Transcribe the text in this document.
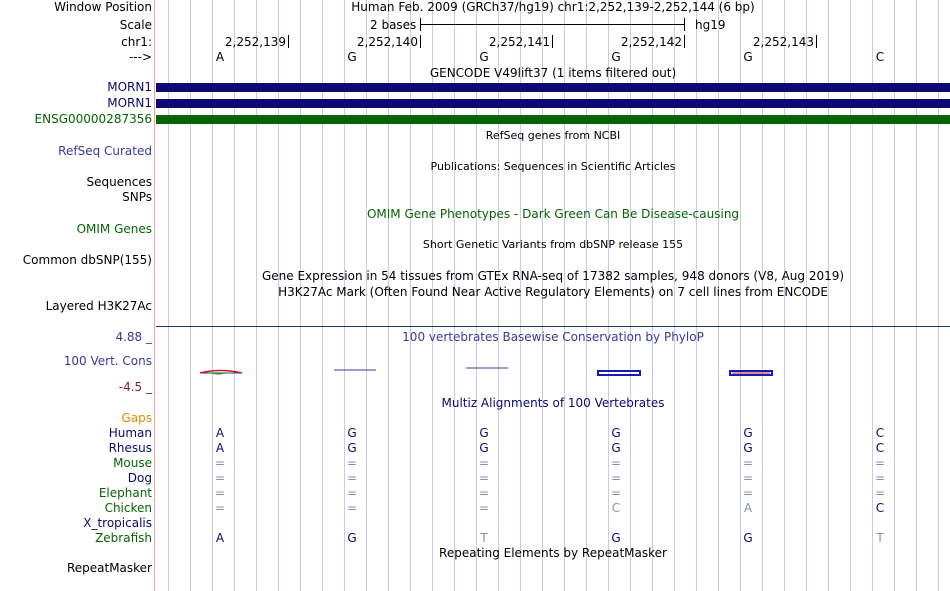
Window Position	Human Feb. 2009 (GRCh37/hg19) chr1:2,252,139-2,252,144 (6 bp)
Scale	2 bases	hg19
chr1:	2,252,139	2,252,140	2,252,141	2,252,142	2,252,143
--->	A	G	G	G	G	C
GENCODE V49lift37 (1 items filtered out)
MORN1
MORN1
ENSG00000287356
RefSeq genes from NCBI
RefSeq Curated
Publications: Sequences in Scientific Articles
Sequences
SNPs
OMIM Gene Phenotypes - Dark Green Can Be Disease-causing
OMIM Genes
Short Genetic Variants from dbSNP release 155
Common dbSNP(155)
Gene Expression in 54 tissues from GTEx RNA-seq of 17382 samples, 948 donors (V8, Aug 2019)
H3K27Ac Mark (Often Found Near Active Regulatory Elements) on 7 cell lines from ENCODE
Layered H3K27Ac
4.88 _	100 vertebrates Basewise Conservation by PhyloP
100 Vert. Cons
-4.5 _
Multiz Alignments of 100 Vertebrates
Gaps
Human	A	G	G	G	G	C
Rhesus	A	G	G	G	G	C
Mouse	=	=	=	=	=	=
Dog	=	=	=	=	=	=
Elephant	=	=	=	=	=	=
Chicken	=	=	=	C	A	C
X_tropicalis
Zebrafish	A	G	T	G	G	T
Repeating Elements by RepeatMasker
RepeatMasker
